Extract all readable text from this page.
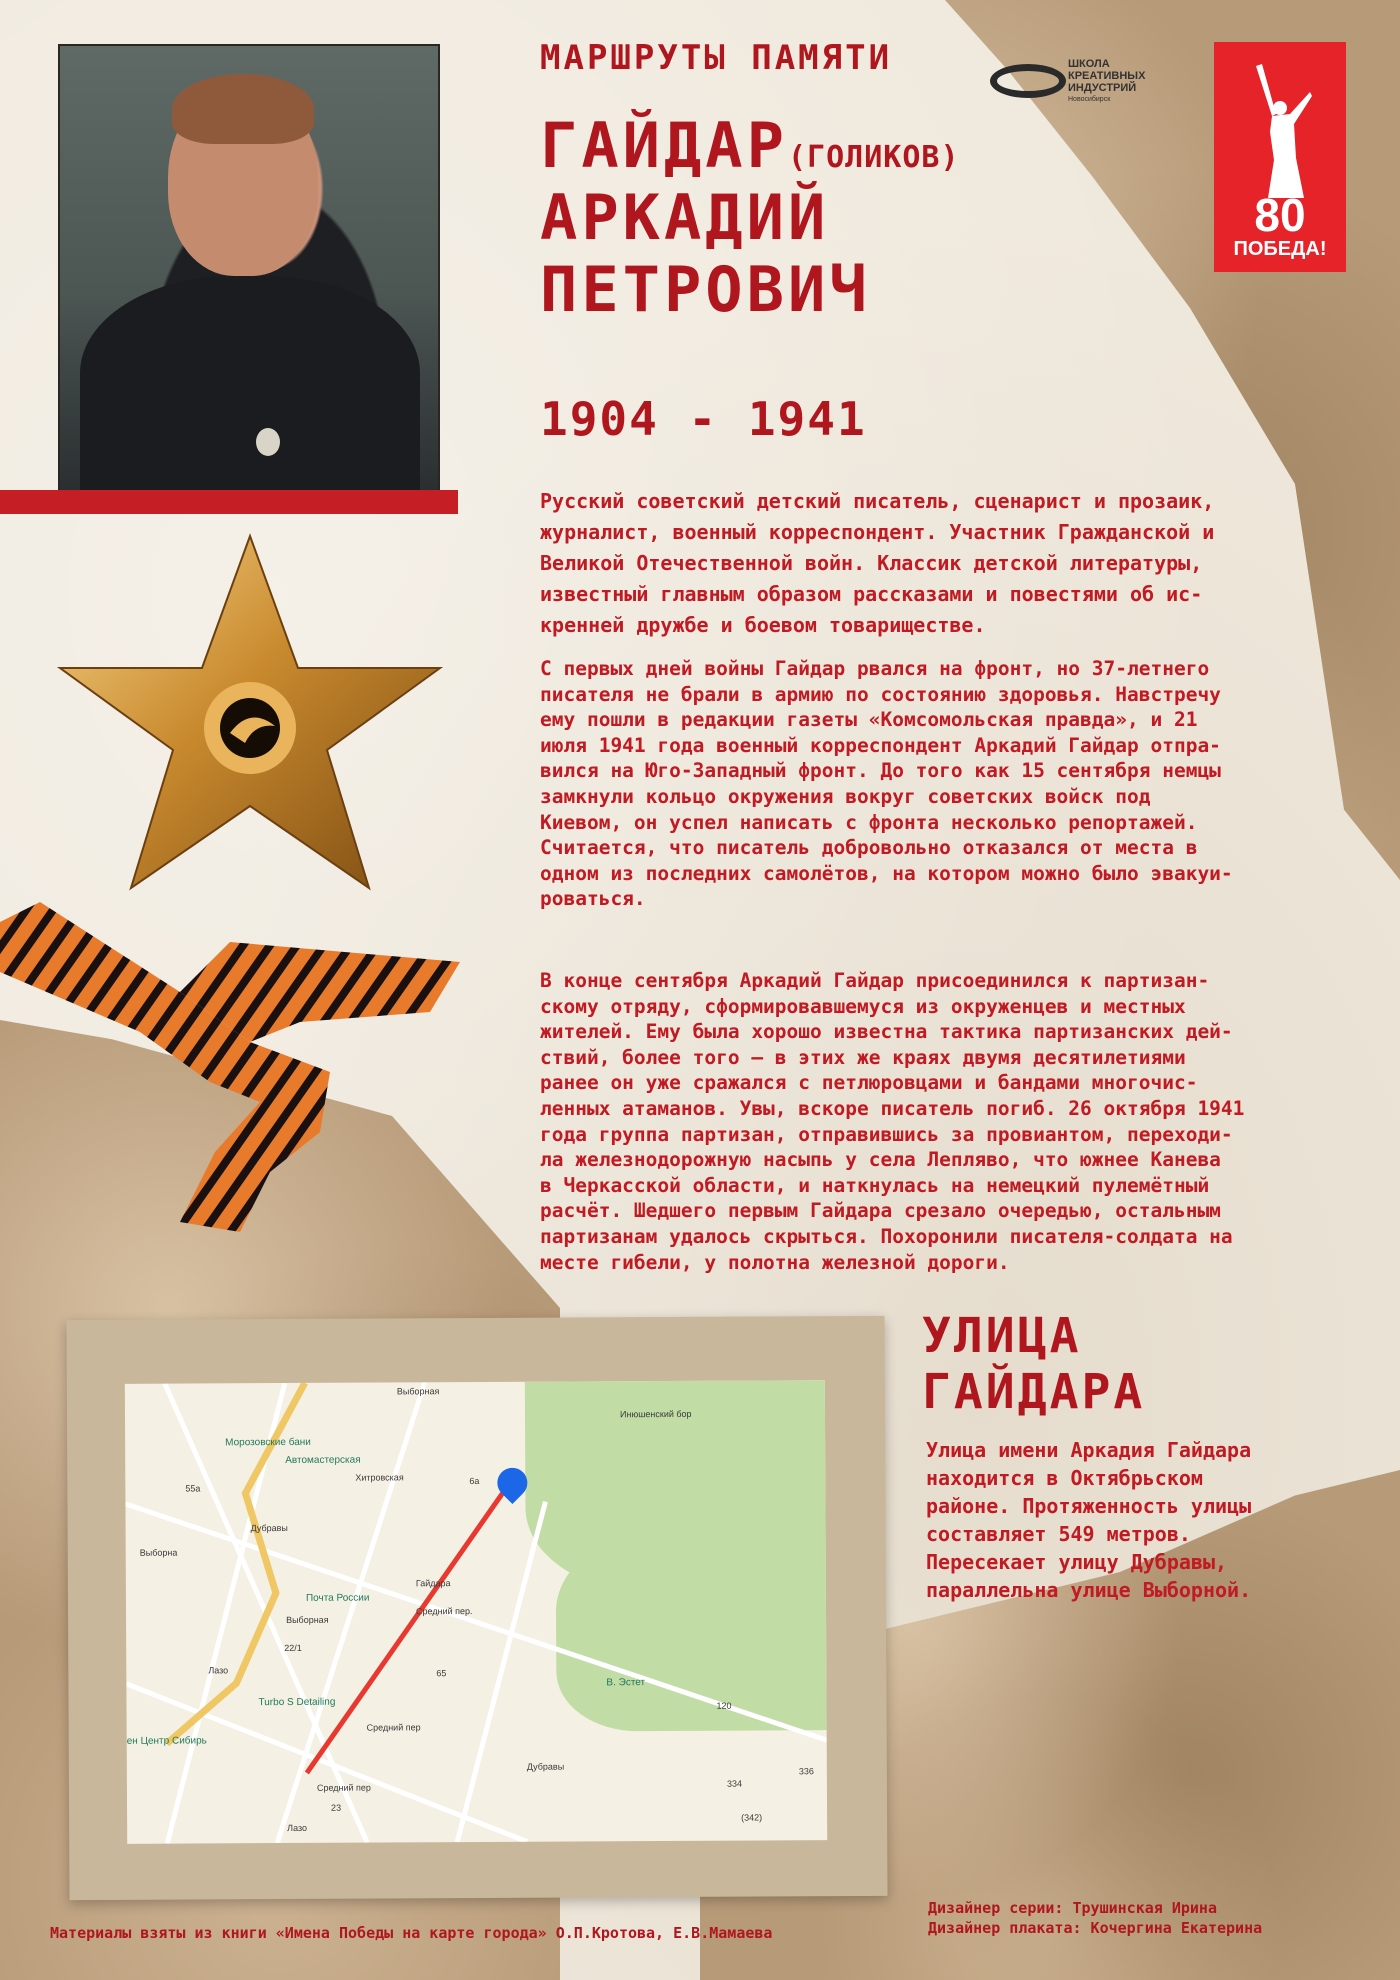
МАРШРУТЫ ПАМЯТИ	ШКОЛА
КРЕАТИВНЫХ
ИНДУСТРИЙ
Новосибирск
80
ПОБЕДА!
$ГАЙДАР^{(ГОЛИКОВ)}$
АРКАДИЙ
ПЕТРОВИЧ
1904 - 1941
Русский советский детский писатель, сценарист и прозаик,
журналист, военный корреспондент. Участник Гражданской и
Великой Отечественной войн. Классик детской литературы,
известный главным образом рассказами и повестями об ис-
кренней дружбе и боевом товариществе.
С первых дней войны Гайдар рвался на фронт, но 37-летнего
писателя не брали в армию по состоянию здоровья. Навстречу
ему пошли в редакции газеты «Комсомольская правда», и 21
июля 1941 года военный корреспондент Аркадий Гайдар отпра-
вился на Юго-Западный фронт. До того как 15 сентября немцы
замкнули кольцо окружения вокруг советских войск под
Киевом, он успел написать с фронта несколько репортажей.
Считается, что писатель добровольно отказался от места в
одном из последних самолётов, на котором можно было эвакуи-
роваться.
В конце сентября Аркадий Гайдар присоединился к партизан-
скому отряду, сформировавшемуся из окруженцев и местных
жителей. Ему была хорошо известна тактика партизанских дей-
ствий, более того – в этих же краях двумя десятилетиями
ранее он уже сражался с петлюровцами и бандами многочис-
ленных атаманов. Увы, вскоре писатель погиб. 26 октября 1941
года группа партизан, отправившись за провиантом, переходи-
ла железнодорожную насыпь у села Лепляво, что южнее Канева
в Черкасской области, и наткнулась на немецкий пулемётный
расчёт. Шедшего первым Гайдара срезало очередью, остальным
партизанам удалось скрыться. Похоронили писателя-солдата на
месте гибели, у полотна железной дороги.
Инюшенский бор
Морозовские бани
Автомастерская
Почта России
Turbo S Detailing
ен Центр Сибирь
В. Эстет
Дубравы
Дубравы
Выборная
Выборная
Выборна
Хитровская
Гайдара
Средний пер.
Средний пер
Средний пер
Лазо
Лазо
55а
6а
65
22/1
23
120
334
336
(342)
УЛИЦА
ГАЙДАРА
Улица имени Аркадия Гайдара
находится в Октябрьском
районе. Протяженность улицы
составляет 549 метров.
Пересекает улицу Дубравы,
параллельна улице Выборной.
Материалы взяты из книги «Имена Победы на карте города» О.П.Кротова, Е.В.Мамаева
Дизайнер серии: Трушинская Ирина
Дизайнер плаката: Кочергина Екатерина
